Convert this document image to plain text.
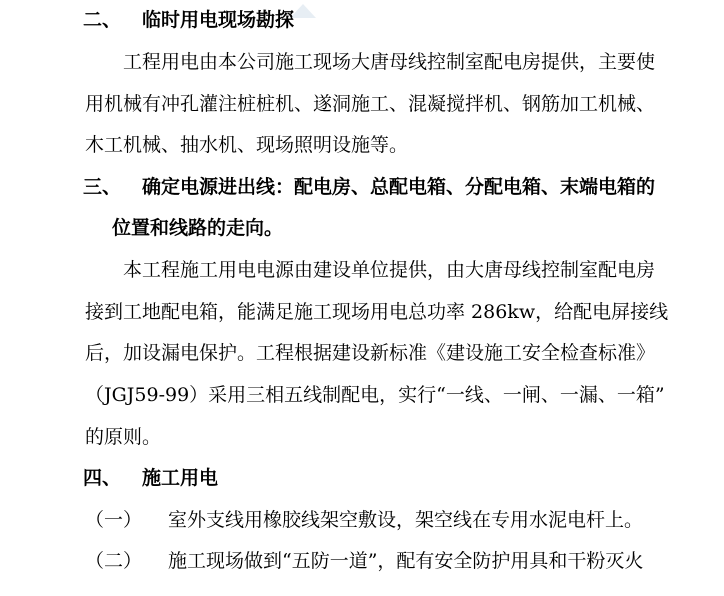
二、 临时用电现场勘探
工程用电由本公司施工现场大唐母线控制室配电房提供，主要使
用机械有冲孔灌注桩桩机、遂洞施工、混凝搅拌机、钢筋加工机械、
木工机械、抽水机、现场照明设施等。
三、 确定电源进出线：配电房、总配电箱、分配电箱、末端电箱的
位置和线路的走向。
本工程施工用电电源由建设单位提供，由大唐母线控制室配电房
接到工地配电箱，能满足施工现场用电总功率 286kw，给配电屏接线
后，加设漏电保护。工程根据建设新标准《建设施工安全检查标准》
（JGJ59-99）采用三相五线制配电，实行“一线、一闸、一漏、一箱”
的原则。
四、 施工用电
（一） 室外支线用橡胶线架空敷设，架空线在专用水泥电杆上。
（二） 施工现场做到“五防一道”，配有安全防护用具和干粉灭火
